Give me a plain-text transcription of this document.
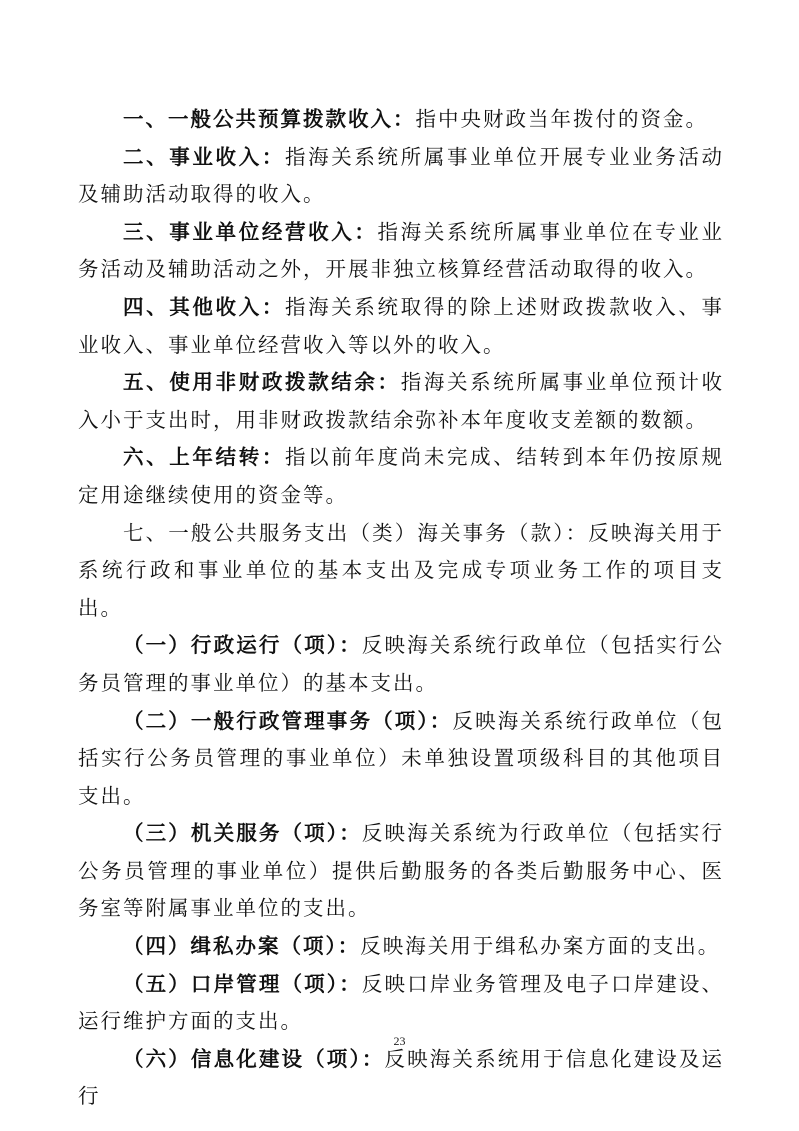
一、一般公共预算拨款收入：指中央财政当年拨付的资金。

二、事业收入：指海关系统所属事业单位开展专业业务活动及辅助活动取得的收入。

三、事业单位经营收入：指海关系统所属事业单位在专业业务活动及辅助活动之外，开展非独立核算经营活动取得的收入。

四、其他收入：指海关系统取得的除上述财政拨款收入、事业收入、事业单位经营收入等以外的收入。

五、使用非财政拨款结余：指海关系统所属事业单位预计收入小于支出时，用非财政拨款结余弥补本年度收支差额的数额。

六、上年结转：指以前年度尚未完成、结转到本年仍按原规定用途继续使用的资金等。

七、一般公共服务支出（类）海关事务（款）：反映海关用于系统行政和事业单位的基本支出及完成专项业务工作的项目支出。

（一）行政运行（项）：反映海关系统行政单位（包括实行公务员管理的事业单位）的基本支出。

（二）一般行政管理事务（项）：反映海关系统行政单位（包括实行公务员管理的事业单位）未单独设置项级科目的其他项目支出。

（三）机关服务（项）：反映海关系统为行政单位（包括实行公务员管理的事业单位）提供后勤服务的各类后勤服务中心、医务室等附属事业单位的支出。

（四）缉私办案（项）：反映海关用于缉私办案方面的支出。

（五）口岸管理（项）：反映口岸业务管理及电子口岸建设、运行维护方面的支出。

（六）信息化建设（项）：反映海关系统用于信息化建设及运行

23
